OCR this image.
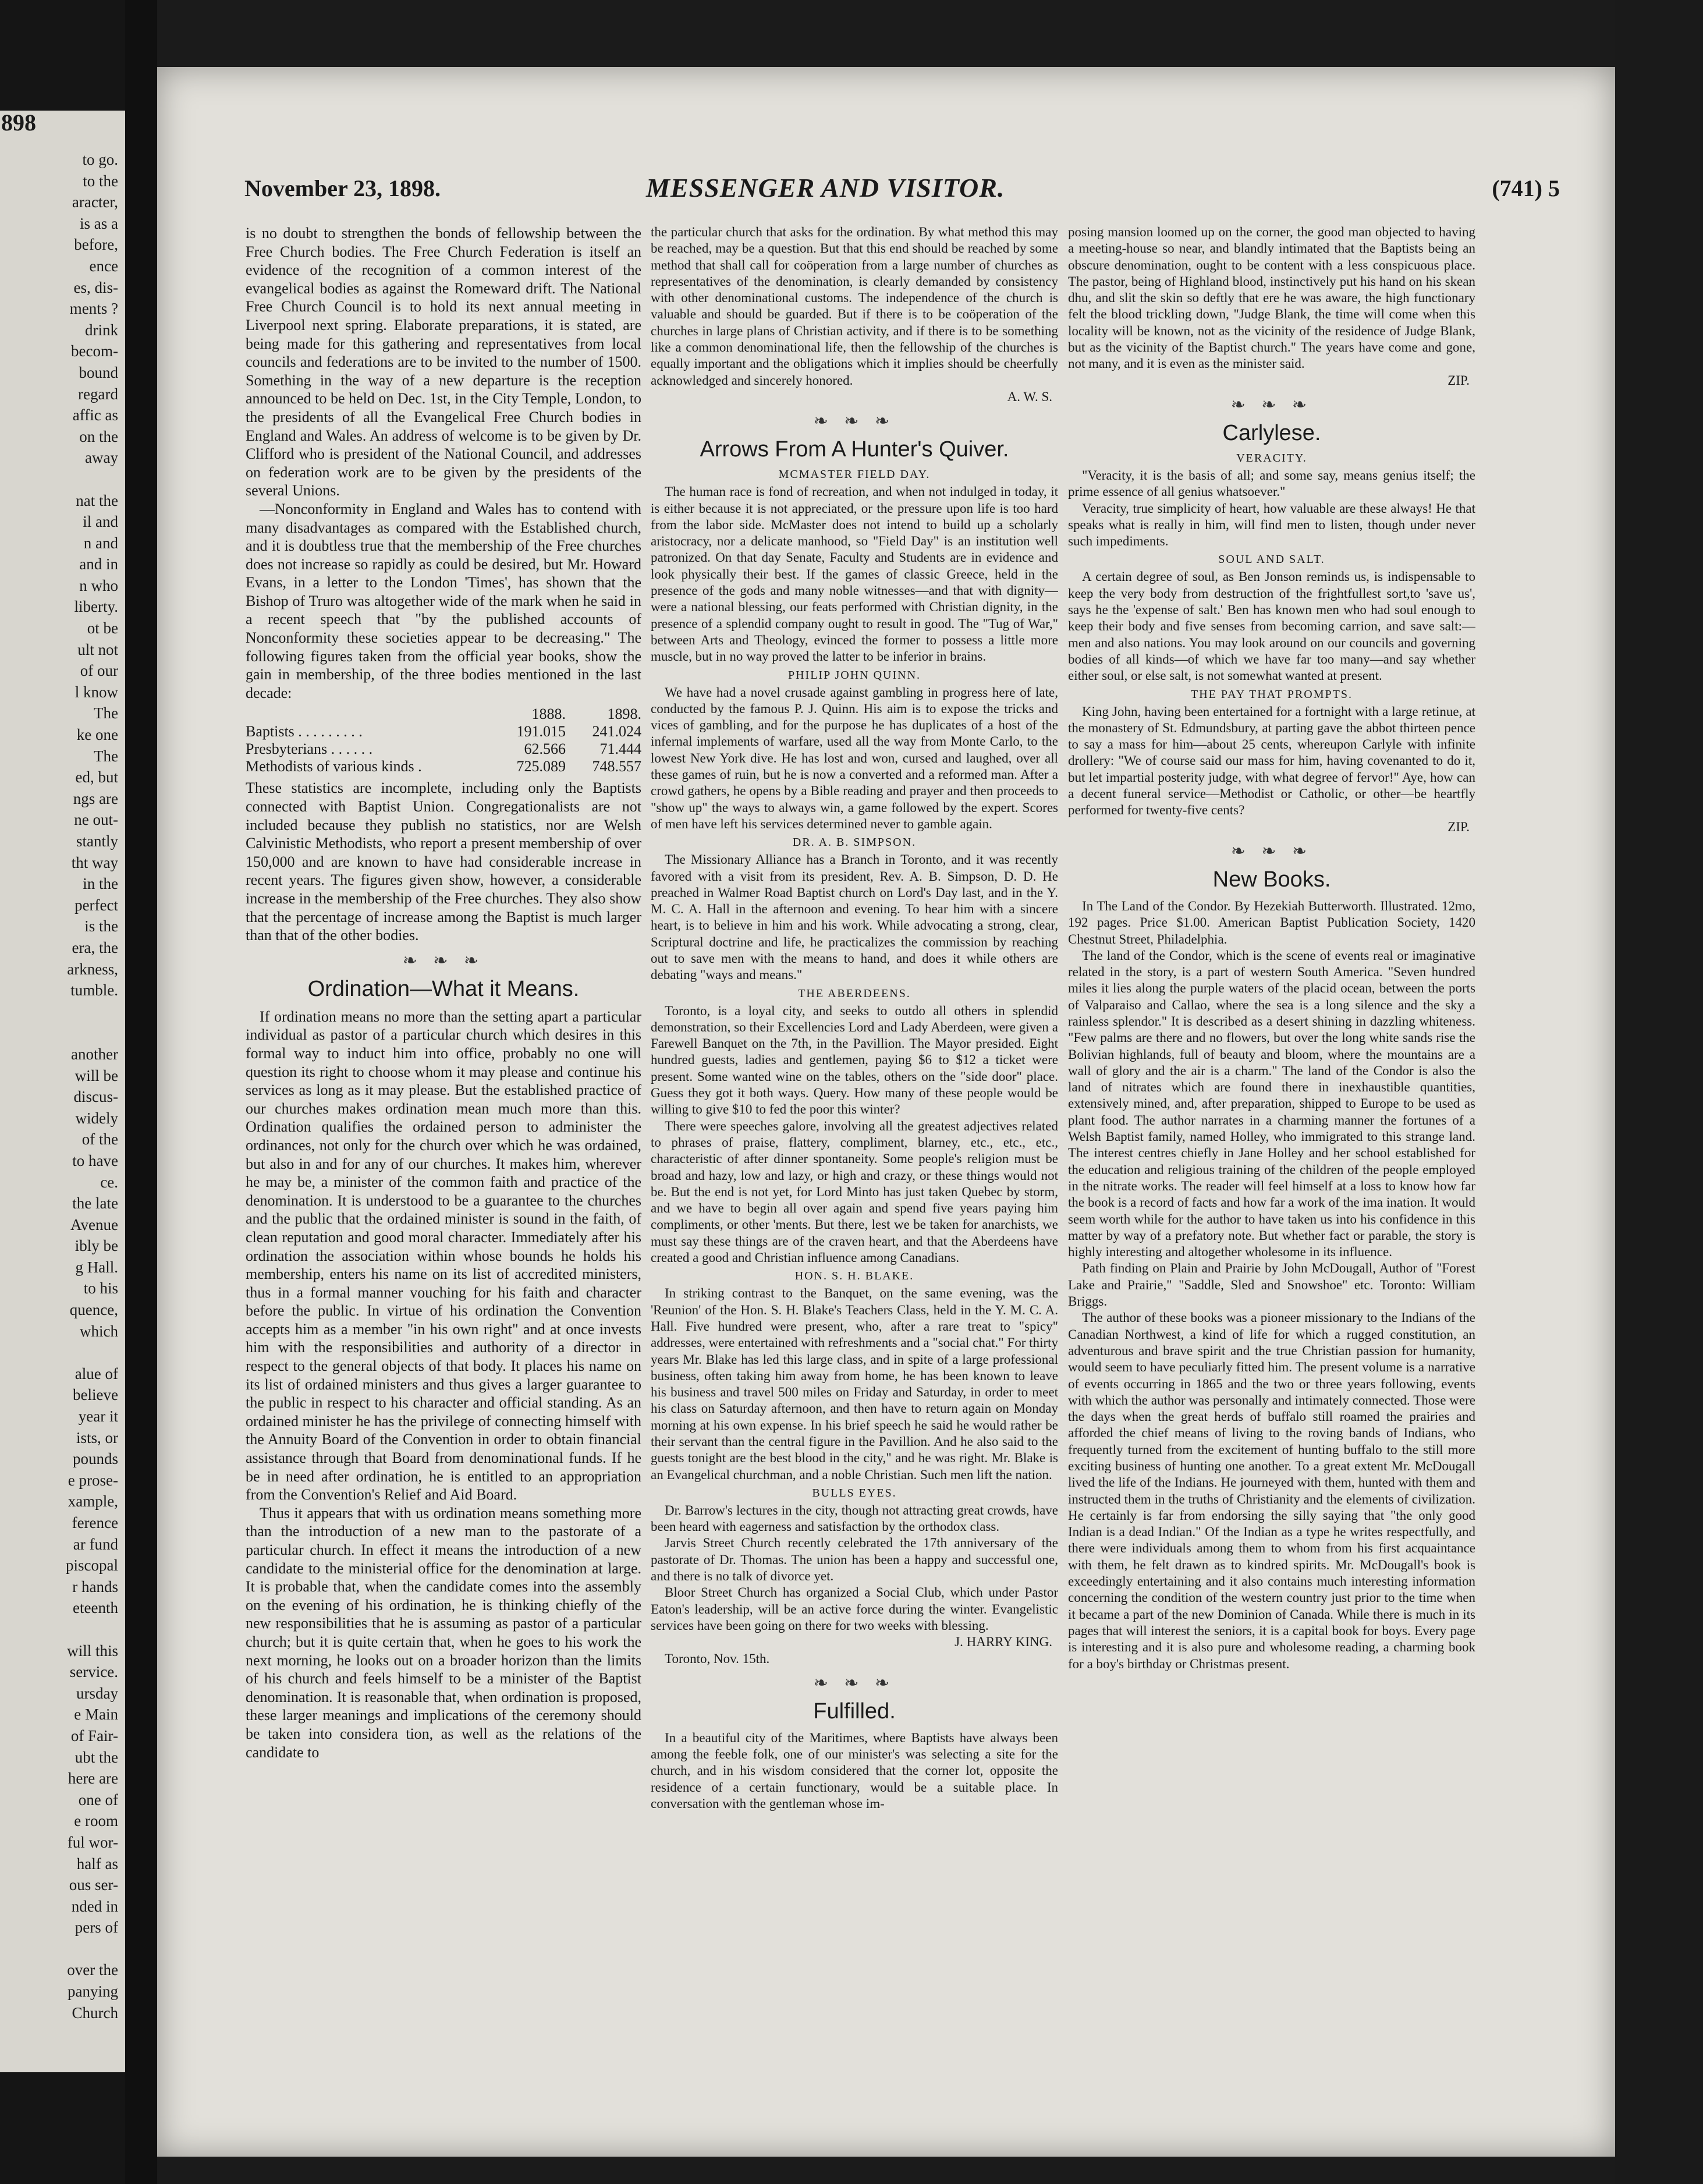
898
to go.
to the
aracter,
is as a
before,
ence
es, dis-
ments ?
drink
becom-
bound
regard
affic as
on the
away

nat the
il and
n and
and in
n who
liberty.
ot be
ult not
of our
l know
The
ke one
The
ed, but
ngs are
ne out-
stantly
tht way
in the
perfect
is the
era, the
arkness,
tumble.

another
will be
discus-
widely
of the
to have
ce.
the late
Avenue
ibly be
g Hall.
to his
quence,
which

alue of
believe
year it
ists, or
pounds
e prose-
xample,
ference
ar fund
piscopal
r hands
eteenth

will this
service.
ursday
e Main
of Fair-
ubt the
here are
one of
e room
ful wor-
half as
ous ser-
nded in
pers of

over the
panying
Church
November 23, 1898.	MESSENGER AND VISITOR.	(741) 5

is no doubt to strengthen the bonds of fellowship between the Free Church bodies. The Free Church Federation is itself an evidence of the recognition of a common interest of the evangelical bodies as against the Romeward drift. The National Free Church Council is to hold its next annual meeting in Liverpool next spring. Elaborate preparations, it is stated, are being made for this gathering and representatives from local councils and federations are to be invited to the number of 1500. Something in the way of a new departure is the reception announced to be held on Dec. 1st, in the City Temple, London, to the presidents of all the Evangelical Free Church bodies in England and Wales. An address of welcome is to be given by Dr. Clifford who is president of the National Council, and addresses on federation work are to be given by the presidents of the several Unions.

—Nonconformity in England and Wales has to contend with many disadvantages as compared with the Established church, and it is doubtless true that the membership of the Free churches does not increase so rapidly as could be desired, but Mr. Howard Evans, in a letter to the London 'Times', has shown that the Bishop of Truro was altogether wide of the mark when he said in a recent speech that "by the published accounts of Nonconformity these societies appear to be decreasing." The following figures taken from the official year books, show the gain in membership, of the three bodies mentioned in the last decade:

	1888.	1898.
Baptists . . . . . . . . .	191.015	241.024
Presbyterians . . . . . .	62.566	71.444
Methodists of various kinds .	725.089	748.557

These statistics are incomplete, including only the Baptists connected with Baptist Union. Congregationalists are not included because they publish no statistics, nor are Welsh Calvinistic Methodists, who report a present membership of over 150,000 and are known to have had considerable increase in recent years. The figures given show, however, a considerable increase in the membership of the Free churches. They also show that the percentage of increase among the Baptist is much larger than that of the other bodies.

❧ ❧ ❧
Ordination—What it Means.

If ordination means no more than the setting apart a particular individual as pastor of a particular church which desires in this formal way to induct him into office, probably no one will question its right to choose whom it may please and continue his services as long as it may please. But the established practice of our churches makes ordination mean much more than this. Ordination qualifies the ordained person to administer the ordinances, not only for the church over which he was ordained, but also in and for any of our churches. It makes him, wherever he may be, a minister of the common faith and practice of the denomination. It is understood to be a guarantee to the churches and the public that the ordained minister is sound in the faith, of clean reputation and good moral character. Immediately after his ordination the association within whose bounds he holds his membership, enters his name on its list of accredited ministers, thus in a formal manner vouching for his faith and character before the public. In virtue of his ordination the Convention accepts him as a member "in his own right" and at once invests him with the responsibilities and authority of a director in respect to the general objects of that body. It places his name on its list of ordained ministers and thus gives a larger guarantee to the public in respect to his character and official standing. As an ordained minister he has the privilege of connecting himself with the Annuity Board of the Convention in order to obtain financial assistance through that Board from denominational funds. If he be in need after ordination, he is entitled to an appropriation from the Convention's Relief and Aid Board.

Thus it appears that with us ordination means something more than the introduction of a new man to the pastorate of a particular church. In effect it means the introduction of a new candidate to the ministerial office for the denomination at large. It is probable that, when the candidate comes into the assembly on the evening of his ordination, he is thinking chiefly of the new responsibilities that he is assuming as pastor of a particular church; but it is quite certain that, when he goes to his work the next morning, he looks out on a broader horizon than the limits of his church and feels himself to be a minister of the Baptist denomination. It is reasonable that, when ordination is proposed, these larger meanings and implications of the ceremony should be taken into considera tion, as well as the relations of the candidate to

the particular church that asks for the ordination. By what method this may be reached, may be a question. But that this end should be reached by some method that shall call for coöperation from a large number of churches as representatives of the denomination, is clearly demanded by consistency with other denominational customs. The independence of the church is valuable and should be guarded. But if there is to be coöperation of the churches in large plans of Christian activity, and if there is to be something like a common denominational life, then the fellowship of the churches is equally important and the obligations which it implies should be cheerfully acknowledged and sincerely honored.

A. W. S.

❧ ❧ ❧
Arrows From A Hunter's Quiver.
MCMASTER FIELD DAY.

The human race is fond of recreation, and when not indulged in today, it is either because it is not appreciated, or the pressure upon life is too hard from the labor side. McMaster does not intend to build up a scholarly aristocracy, nor a delicate manhood, so "Field Day" is an institution well patronized. On that day Senate, Faculty and Students are in evidence and look physically their best. If the games of classic Greece, held in the presence of the gods and many noble witnesses—and that with dignity—were a national blessing, our feats performed with Christian dignity, in the presence of a splendid company ought to result in good. The "Tug of War," between Arts and Theology, evinced the former to possess a little more muscle, but in no way proved the latter to be inferior in brains.

PHILIP JOHN QUINN.

We have had a novel crusade against gambling in progress here of late, conducted by the famous P. J. Quinn. His aim is to expose the tricks and vices of gambling, and for the purpose he has duplicates of a host of the infernal implements of warfare, used all the way from Monte Carlo, to the lowest New York dive. He has lost and won, cursed and laughed, over all these games of ruin, but he is now a converted and a reformed man. After a crowd gathers, he opens by a Bible reading and prayer and then proceeds to "show up" the ways to always win, a game followed by the expert. Scores of men have left his services determined never to gamble again.

DR. A. B. SIMPSON.

The Missionary Alliance has a Branch in Toronto, and it was recently favored with a visit from its president, Rev. A. B. Simpson, D. D. He preached in Walmer Road Baptist church on Lord's Day last, and in the Y. M. C. A. Hall in the afternoon and evening. To hear him with a sincere heart, is to believe in him and his work. While advocating a strong, clear, Scriptural doctrine and life, he practicalizes the commission by reaching out to save men with the means to hand, and does it while others are debating "ways and means."

THE ABERDEENS.

Toronto, is a loyal city, and seeks to outdo all others in splendid demonstration, so their Excellencies Lord and Lady Aberdeen, were given a Farewell Banquet on the 7th, in the Pavillion. The Mayor presided. Eight hundred guests, ladies and gentlemen, paying $6 to $12 a ticket were present. Some wanted wine on the tables, others on the "side door" place. Guess they got it both ways. Query. How many of these people would be willing to give $10 to fed the poor this winter?

There were speeches galore, involving all the greatest adjectives related to phrases of praise, flattery, compliment, blarney, etc., etc., etc., characteristic of after dinner spontaneity. Some people's religion must be broad and hazy, low and lazy, or high and crazy, or these things would not be. But the end is not yet, for Lord Minto has just taken Quebec by storm, and we have to begin all over again and spend five years paying him compliments, or other 'ments. But there, lest we be taken for anarchists, we must say these things are of the craven heart, and that the Aberdeens have created a good and Christian influence among Canadians.

HON. S. H. BLAKE.

In striking contrast to the Banquet, on the same evening, was the 'Reunion' of the Hon. S. H. Blake's Teachers Class, held in the Y. M. C. A. Hall. Five hundred were present, who, after a rare treat to "spicy" addresses, were entertained with refreshments and a "social chat." For thirty years Mr. Blake has led this large class, and in spite of a large professional business, often taking him away from home, he has been known to leave his business and travel 500 miles on Friday and Saturday, in order to meet his class on Saturday afternoon, and then have to return again on Monday morning at his own expense. In his brief speech he said he would rather be their servant than the central figure in the Pavillion. And he also said to the guests tonight are the best blood in the city," and he was right. Mr. Blake is an Evangelical churchman, and a noble Christian. Such men lift the nation.

BULLS EYES.

Dr. Barrow's lectures in the city, though not attracting great crowds, have been heard with eagerness and satisfaction by the orthodox class.

Jarvis Street Church recently celebrated the 17th anniversary of the pastorate of Dr. Thomas. The union has been a happy and successful one, and there is no talk of divorce yet.

Bloor Street Church has organized a Social Club, which under Pastor Eaton's leadership, will be an active force during the winter. Evangelistic services have been going on there for two weeks with blessing.

J. HARRY KING.

Toronto, Nov. 15th.

❧ ❧ ❧
Fulfilled.

In a beautiful city of the Maritimes, where Baptists have always been among the feeble folk, one of our minister's was selecting a site for the church, and in his wisdom considered that the corner lot, opposite the residence of a certain functionary, would be a suitable place. In conversation with the gentleman whose im-

posing mansion loomed up on the corner, the good man objected to having a meeting-house so near, and blandly intimated that the Baptists being an obscure denomination, ought to be content with a less conspicuous place. The pastor, being of Highland blood, instinctively put his hand on his skean dhu, and slit the skin so deftly that ere he was aware, the high functionary felt the blood trickling down, "Judge Blank, the time will come when this locality will be known, not as the vicinity of the residence of Judge Blank, but as the vicinity of the Baptist church." The years have come and gone, not many, and it is even as the minister said.

ZIP.

❧ ❧ ❧
Carlylese.
VERACITY.

"Veracity, it is the basis of all; and some say, means genius itself; the prime essence of all genius whatsoever."

Veracity, true simplicity of heart, how valuable are these always! He that speaks what is really in him, will find men to listen, though under never such impediments.

SOUL AND SALT.

A certain degree of soul, as Ben Jonson reminds us, is indispensable to keep the very body from destruction of the frightfullest sort,to 'save us', says he the 'expense of salt.' Ben has known men who had soul enough to keep their body and five senses from becoming carrion, and save salt:—men and also nations. You may look around on our councils and governing bodies of all kinds—of which we have far too many—and say whether either soul, or else salt, is not somewhat wanted at present.

THE PAY THAT PROMPTS.

King John, having been entertained for a fortnight with a large retinue, at the monastery of St. Edmundsbury, at parting gave the abbot thirteen pence to say a mass for him—about 25 cents, whereupon Carlyle with infinite drollery: "We of course said our mass for him, having covenanted to do it, but let impartial posterity judge, with what degree of fervor!" Aye, how can a decent funeral service—Methodist or Catholic, or other—be heartfly performed for twenty-five cents?

ZIP.

❧ ❧ ❧
New Books.

In The Land of the Condor. By Hezekiah Butterworth. Illustrated. 12mo, 192 pages. Price $1.00. American Baptist Publication Society, 1420 Chestnut Street, Philadelphia.

The land of the Condor, which is the scene of events real or imaginative related in the story, is a part of western South America. "Seven hundred miles it lies along the purple waters of the placid ocean, between the ports of Valparaiso and Callao, where the sea is a long silence and the sky a rainless splendor." It is described as a desert shining in dazzling whiteness. "Few palms are there and no flowers, but over the long white sands rise the Bolivian highlands, full of beauty and bloom, where the mountains are a wall of glory and the air is a charm." The land of the Condor is also the land of nitrates which are found there in inexhaustible quantities, extensively mined, and, after preparation, shipped to Europe to be used as plant food. The author narrates in a charming manner the fortunes of a Welsh Baptist family, named Holley, who immigrated to this strange land. The interest centres chiefly in Jane Holley and her school established for the education and religious training of the children of the people employed in the nitrate works. The reader will feel himself at a loss to know how far the book is a record of facts and how far a work of the ima ination. It would seem worth while for the author to have taken us into his confidence in this matter by way of a prefatory note. But whether fact or parable, the story is highly interesting and altogether wholesome in its influence.

Path finding on Plain and Prairie by John McDougall, Author of "Forest Lake and Prairie," "Saddle, Sled and Snowshoe" etc. Toronto: William Briggs.

The author of these books was a pioneer missionary to the Indians of the Canadian Northwest, a kind of life for which a rugged constitution, an adventurous and brave spirit and the true Christian passion for humanity, would seem to have peculiarly fitted him. The present volume is a narrative of events occurring in 1865 and the two or three years following, events with which the author was personally and intimately connected. Those were the days when the great herds of buffalo still roamed the prairies and afforded the chief means of living to the roving bands of Indians, who frequently turned from the excitement of hunting buffalo to the still more exciting business of hunting one another. To a great extent Mr. McDougall lived the life of the Indians. He journeyed with them, hunted with them and instructed them in the truths of Christianity and the elements of civilization. He certainly is far from endorsing the silly saying that "the only good Indian is a dead Indian." Of the Indian as a type he writes respectfully, and there were individuals among them to whom from his first acquaintance with them, he felt drawn as to kindred spirits. Mr. McDougall's book is exceedingly entertaining and it also contains much interesting information concerning the condition of the western country just prior to the time when it became a part of the new Dominion of Canada. While there is much in its pages that will interest the seniors, it is a capital book for boys. Every page is interesting and it is also pure and wholesome reading, a charming book for a boy's birthday or Christmas present.
